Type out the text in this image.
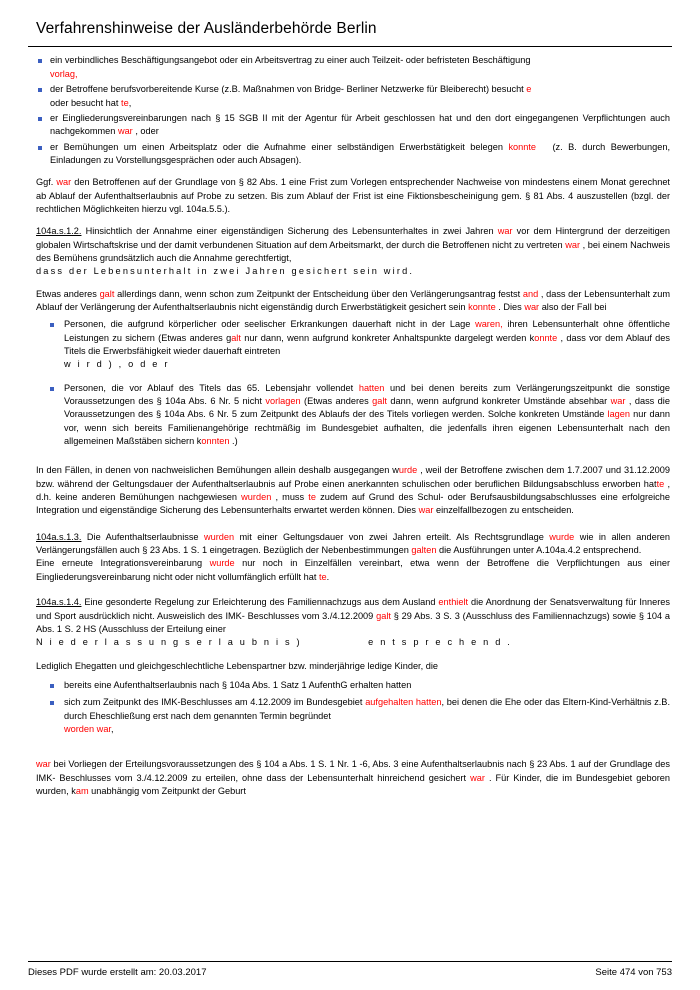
Verfahrenshinweise der Ausländerbehörde Berlin
ein verbindliches Beschäftigungsangebot oder ein Arbeitsvertrag zu einer auch Teilzeit- oder befristeten Beschäftigung
vorlag,
der Betroffene berufsvorbereitende Kurse (z.B. Maßnahmen von Bridge- Berliner Netzwerke für Bleiberecht) besucht e
oder besucht hat te,
er Eingliederungsvereinbarungen nach § 15 SGB II mit der Agentur für Arbeit geschlossen hat und den dort eingegangenen Verpflichtungen auch nachgekommen war , oder
er Bemühungen um einen Arbeitsplatz oder die Aufnahme einer selbständigen Erwerbstätigkeit belegen konnte (z. B. durch Bewerbungen, Einladungen zu Vorstellungsgesprächen oder auch Absagen).
Ggf. war den Betroffenen auf der Grundlage von § 82 Abs. 1 eine Frist zum Vorlegen entsprechender Nachweise von mindestens einem Monat gerechnet ab Ablauf der Aufenthaltserlaubnis auf Probe zu setzen. Bis zum Ablauf der Frist ist eine Fiktionsbescheinigung gem. § 81 Abs. 4 auszustellen (bzgl. der rechtlichen Möglichkeiten hierzu vgl. 104a.5.5.).
104a.s.1.2. Hinsichtlich der Annahme einer eigenständigen Sicherung des Lebensunterhaltes in zwei Jahren war vor dem Hintergrund der derzeitigen globalen Wirtschaftskrise und der damit verbundenen Situation auf dem Arbeitsmarkt, der durch die Betroffenen nicht zu vertreten war , bei einem Nachweis des Bemühens grundsätzlich auch die Annahme gerechtfertigt,
dass der Lebensunterhalt in zwei Jahren gesichert sein wird.
Etwas anderes galt allerdings dann, wenn schon zum Zeitpunkt der Entscheidung über den Verlängerungsantrag festst and , dass der Lebensunterhalt zum Ablauf der Verlängerung der Aufenthaltserlaubnis nicht eigenständig durch Erwerbstätigkeit gesichert sein konnte . Dies war also der Fall bei
Personen, die aufgrund körperlicher oder seelischer Erkrankungen dauerhaft nicht in der Lage waren, ihren Lebensunterhalt ohne öffentliche Leistungen zu sichern (Etwas anderes galt nur dann, wenn aufgrund konkreter Anhaltspunkte dargelegt werden konnte , dass vor dem Ablauf des Titels die Erwerbsfähigkeit wieder dauerhaft eintreten
w i r d ) , o d e r
Personen, die vor Ablauf des Titels das 65. Lebensjahr vollendet hatten und bei denen bereits zum Verlängerungszeitpunkt die sonstige Voraussetzungen des § 104a Abs. 6 Nr. 5 nicht vorlagen (Etwas anderes galt dann, wenn aufgrund konkreter Umstände absehbar war , dass die Voraussetzungen des § 104a Abs. 6 Nr. 5 zum Zeitpunkt des Ablaufs der des Titels vorliegen werden. Solche konkreten Umstände lagen nur dann vor, wenn sich bereits Familienangehörige rechtmäßig im Bundesgebiet aufhalten, die jedenfalls ihren eigenen Lebensunterhalt nach den allgemeinen Maßstäben sichern konnten .)
In den Fällen, in denen von nachweislichen Bemühungen allein deshalb ausgegangen wurde , weil der Betroffene zwischen dem 1.7.2007 und 31.12.2009 bzw. während der Geltungsdauer der Aufenthaltserlaubnis auf Probe einen anerkannten schulischen oder beruflichen Bildungsabschluss erworben hatte , d.h. keine anderen Bemühungen nachgewiesen wurden , muss te zudem auf Grund des Schul- oder Berufsausbildungsabschlusses eine erfolgreiche Integration und eigenständige Sicherung des Lebensunterhalts erwartet werden können. Dies war einzelfallbezogen zu entscheiden.
104a.s.1.3. Die Aufenthaltserlaubnisse wurden mit einer Geltungsdauer von zwei Jahren erteilt. Als Rechtsgrundlage wurde wie in allen anderen Verlängerungsfällen auch § 23 Abs. 1 S. 1 eingetragen. Bezüglich der Nebenbestimmungen galten die Ausführungen unter A.104a.4.2 entsprechend.
Eine erneute Integrationsvereinbarung wurde nur noch in Einzelfällen vereinbart, etwa wenn der Betroffene die Verpflichtungen aus einer Eingliederungsvereinbarung nicht oder nicht vollumfänglich erfüllt hat te.
104a.s.1.4. Eine gesonderte Regelung zur Erleichterung des Familiennachzugs aus dem Ausland enthielt die Anordnung der Senatsverwaltung für Inneres und Sport ausdrücklich nicht. Ausweislich des IMK- Beschlusses vom 3./4.12.2009 galt § 29 Abs. 3 S. 3 (Ausschluss des Familiennachzugs) sowie § 104 a Abs. 1 S. 2 HS (Ausschluss der Erteilung einer
N i e d e r l a s s u n g s e r l a u b n i s )	e n t s p r e c h e n d .
Lediglich Ehegatten und gleichgeschlechtliche Lebenspartner bzw. minderjährige ledige Kinder, die
bereits eine Aufenthaltserlaubnis nach § 104a Abs. 1 Satz 1 AufenthG erhalten hatten
sich zum Zeitpunkt des IMK-Beschlusses am 4.12.2009 im Bundesgebiet aufgehalten hatten, bei denen die Ehe oder das Eltern-Kind-Verhältnis z.B. durch Eheschließung erst nach dem genannten Termin begründet
worden war,
war bei Vorliegen der Erteilungsvoraussetzungen des § 104 a Abs. 1 S. 1 Nr. 1 -6, Abs. 3 eine Aufenthaltserlaubnis nach § 23 Abs. 1 auf der Grundlage des IMK- Beschlusses vom 3./4.12.2009 zu erteilen, ohne dass der Lebensunterhalt hinreichend gesichert war . Für Kinder, die im Bundesgebiet geboren wurden, kam unabhängig vom Zeitpunkt der Geburt
Dieses PDF wurde erstellt am: 20.03.2017	Seite 474 von 753
